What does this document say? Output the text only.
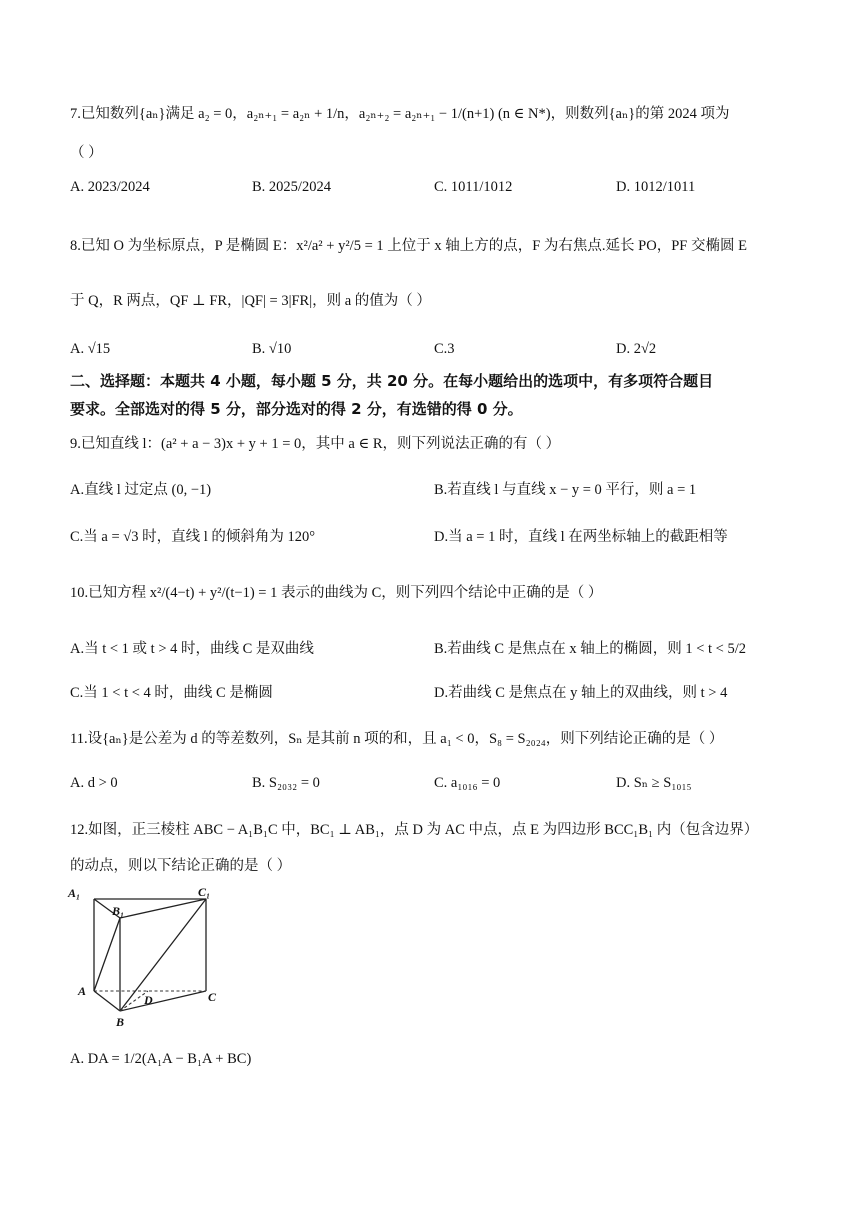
7.已知数列{aₙ}满足 a₂ = 0，a₂ₙ₊₁ = a₂ₙ + 1/n，a₂ₙ₊₂ = a₂ₙ₊₁ − 1/(n+1) (n ∈ N*)，则数列{aₙ}的第 2024 项为
（ ）
A. 2023/2024	B. 2025/2024	C. 1011/1012	D. 1012/1011
8.已知 O 为坐标原点，P 是椭圆 E：x²/a² + y²/5 = 1 上位于 x 轴上方的点，F 为右焦点.延长 PO，PF 交椭圆 E
于 Q，R 两点，QF ⊥ FR，|QF| = 3|FR|，则 a 的值为（ ）
A. √15	B. √10	C.3	D. 2√2
二、选择题：本题共 4 小题，每小题 5 分，共 20 分。在每小题给出的选项中，有多项符合题目
要求。全部选对的得 5 分，部分选对的得 2 分，有选错的得 0 分。
9.已知直线 l：(a² + a − 3)x + y + 1 = 0，其中 a ∈ R，则下列说法正确的有（ ）
A.直线 l 过定点 (0, −1)	B.若直线 l 与直线 x − y = 0 平行，则 a = 1
C.当 a = √3 时，直线 l 的倾斜角为 120°	D.当 a = 1 时，直线 l 在两坐标轴上的截距相等
10.已知方程 x²/(4−t) + y²/(t−1) = 1 表示的曲线为 C，则下列四个结论中正确的是（ ）
A.当 t < 1 或 t > 4 时，曲线 C 是双曲线	B.若曲线 C 是焦点在 x 轴上的椭圆，则 1 < t < 5/2
C.当 1 < t < 4 时，曲线 C 是椭圆	D.若曲线 C 是焦点在 y 轴上的双曲线，则 t > 4
11.设{aₙ}是公差为 d 的等差数列，Sₙ 是其前 n 项的和，且 a₁ < 0，S₈ = S₂₀₂₄，则下列结论正确的是（ ）
A. d > 0	B. S₂₀₃₂ = 0	C. a₁₀₁₆ = 0	D. Sₙ ≥ S₁₀₁₅
12.如图，正三棱柱 ABC − A₁B₁C 中，BC₁ ⊥ AB₁，点 D 为 AC 中点，点 E 为四边形 BCC₁B₁ 内（包含边界）
的动点，则以下结论正确的是（ ）
A₁
B₁
C₁
A
D	C
B
A. DA = 1/2(A₁A − B₁A + BC)
